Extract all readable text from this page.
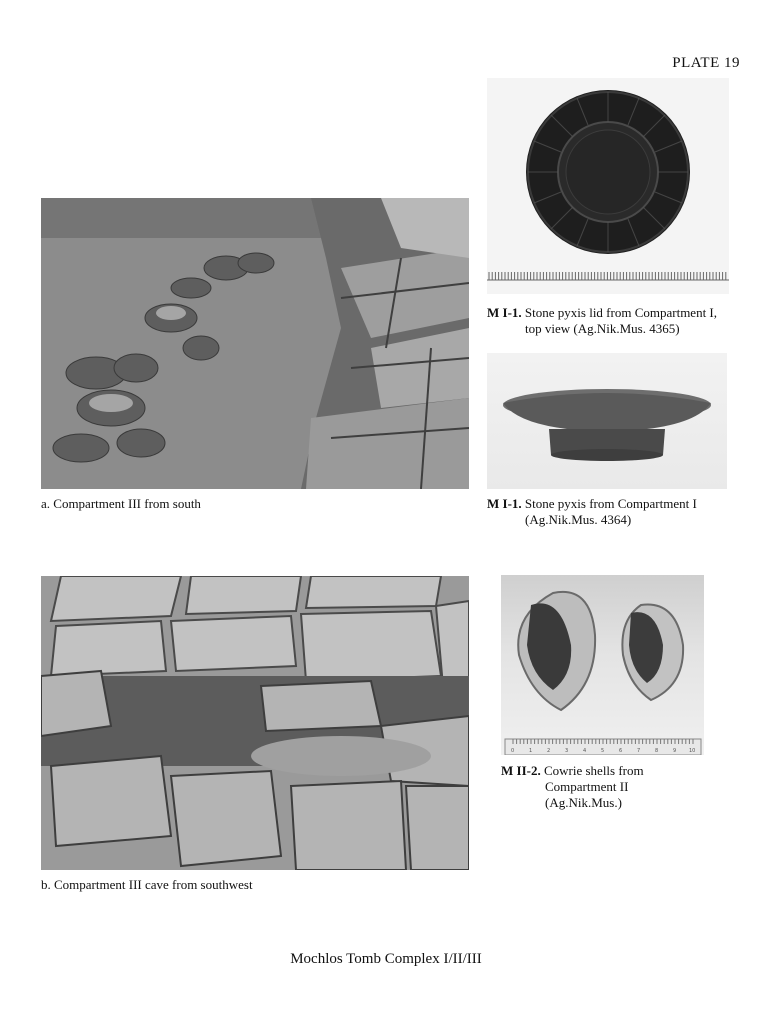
PLATE 19
M I-1. Stone pyxis lid from Compartment I,
top view (Ag.Nik.Mus. 4365)
a. Compartment III from south	M I-1. Stone pyxis from Compartment I
(Ag.Nik.Mus. 4364)
b. Compartment III cave from southwest
0	1	2	3	4	5	6	7	8	9	10
M II-2. Cowrie shells from
Compartment II
(Ag.Nik.Mus.)
Mochlos Tomb Complex I/II/III
